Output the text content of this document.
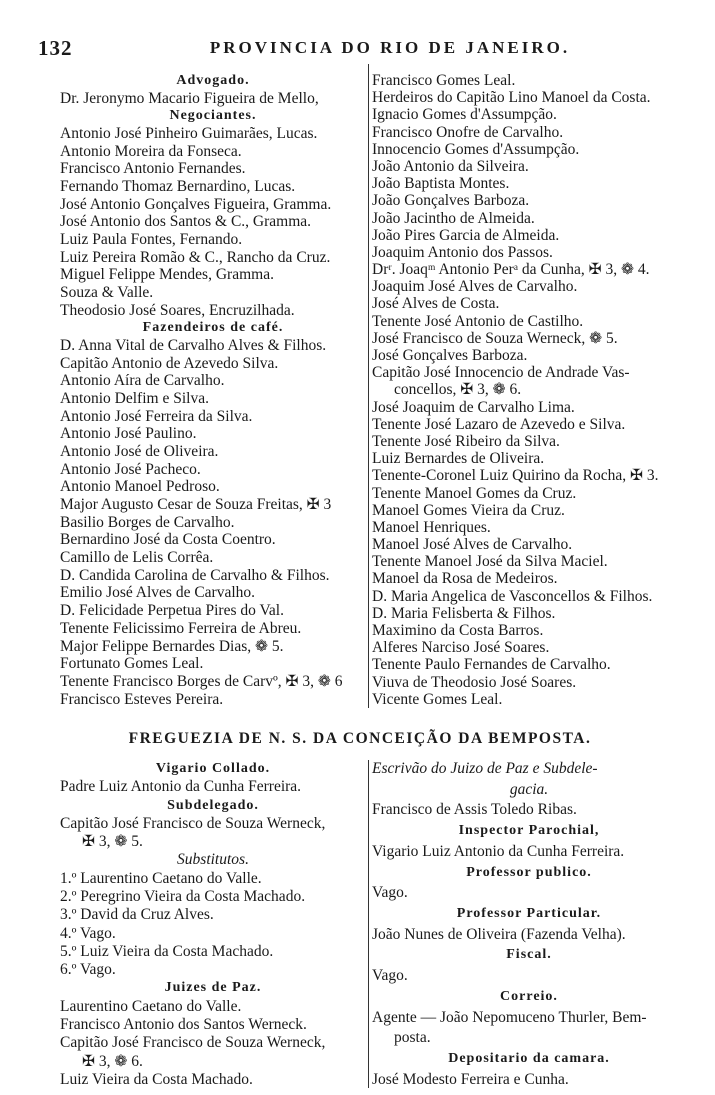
132	PROVINCIA DO RIO DE JANEIRO.
Advogado.
Dr. Jeronymo Macario Figueira de Mello,
Negociantes.
Antonio José Pinheiro Guimarães, Lucas.
Antonio Moreira da Fonseca.
Francisco Antonio Fernandes.
Fernando Thomaz Bernardino, Lucas.
José Antonio Gonçalves Figueira, Gramma.
José Antonio dos Santos & C., Gramma.
Luiz Paula Fontes, Fernando.
Luiz Pereira Romão & C., Rancho da Cruz.
Miguel Felippe Mendes, Gramma.
Souza & Valle.
Theodosio José Soares, Encruzilhada.
Fazendeiros de café.
D. Anna Vital de Carvalho Alves & Filhos.
Capitão Antonio de Azevedo Silva.
Antonio Aíra de Carvalho.
Antonio Delfim e Silva.
Antonio José Ferreira da Silva.
Antonio José Paulino.
Antonio José de Oliveira.
Antonio José Pacheco.
Antonio Manoel Pedroso.
Major Augusto Cesar de Souza Freitas, ✠ 3
Basilio Borges de Carvalho.
Bernardino José da Costa Coentro.
Camillo de Lelis Corrêa.
D. Candida Carolina de Carvalho & Filhos.
Emilio José Alves de Carvalho.
D. Felicidade Perpetua Pires do Val.
Tenente Felicissimo Ferreira de Abreu.
Major Felippe Bernardes Dias, ❁ 5.
Fortunato Gomes Leal.
Tenente Francisco Borges de Carvº, ✠ 3, ❁ 6
Francisco Esteves Pereira.
Francisco Gomes Leal.
Herdeiros do Capitão Lino Manoel da Costa.
Ignacio Gomes d'Assumpção.
Francisco Onofre de Carvalho.
Innocencio Gomes d'Assumpção.
João Antonio da Silveira.
João Baptista Montes.
João Gonçalves Barboza.
João Jacintho de Almeida.
João Pires Garcia de Almeida.
Joaquim Antonio dos Passos.
Drʳ. Joaqᵐ Antonio Perᵃ da Cunha, ✠ 3, ❁ 4.
Joaquim José Alves de Carvalho.
José Alves de Costa.
Tenente José Antonio de Castilho.
José Francisco de Souza Werneck, ❁ 5.
José Gonçalves Barboza.
Capitão José Innocencio de Andrade Vas-
concellos, ✠ 3, ❁ 6.
José Joaquim de Carvalho Lima.
Tenente José Lazaro de Azevedo e Silva.
Tenente José Ribeiro da Silva.
Luiz Bernardes de Oliveira.
Tenente-Coronel Luiz Quirino da Rocha, ✠ 3.
Tenente Manoel Gomes da Cruz.
Manoel Gomes Vieira da Cruz.
Manoel Henriques.
Manoel José Alves de Carvalho.
Tenente Manoel José da Silva Maciel.
Manoel da Rosa de Medeiros.
D. Maria Angelica de Vasconcellos & Filhos.
D. Maria Felisberta & Filhos.
Maximino da Costa Barros.
Alferes Narciso José Soares.
Tenente Paulo Fernandes de Carvalho.
Viuva de Theodosio José Soares.
Vicente Gomes Leal.
FREGUEZIA DE N. S. DA CONCEIÇÃO DA BEMPOSTA.
Vigario Collado.
Padre Luiz Antonio da Cunha Ferreira.
Subdelegado.
Capitão José Francisco de Souza Werneck,
✠ 3, ❁ 5.
Substitutos.
1.º Laurentino Caetano do Valle.
2.º Peregrino Vieira da Costa Machado.
3.º David da Cruz Alves.
4.º Vago.
5.º Luiz Vieira da Costa Machado.
6.º Vago.
Juizes de Paz.
Laurentino Caetano do Valle.
Francisco Antonio dos Santos Werneck.
Capitão José Francisco de Souza Werneck,
✠ 3, ❁ 6.
Luiz Vieira da Costa Machado.
Escrivão do Juizo de Paz e Subdele-
gacia.
Francisco de Assis Toledo Ribas.
Inspector Parochial,
Vigario Luiz Antonio da Cunha Ferreira.
Professor publico.
Vago.
Professor Particular.
João Nunes de Oliveira (Fazenda Velha).
Fiscal.
Vago.
Correio.
Agente — João Nepomuceno Thurler, Bem-
posta.
Depositario da camara.
José Modesto Ferreira e Cunha.
